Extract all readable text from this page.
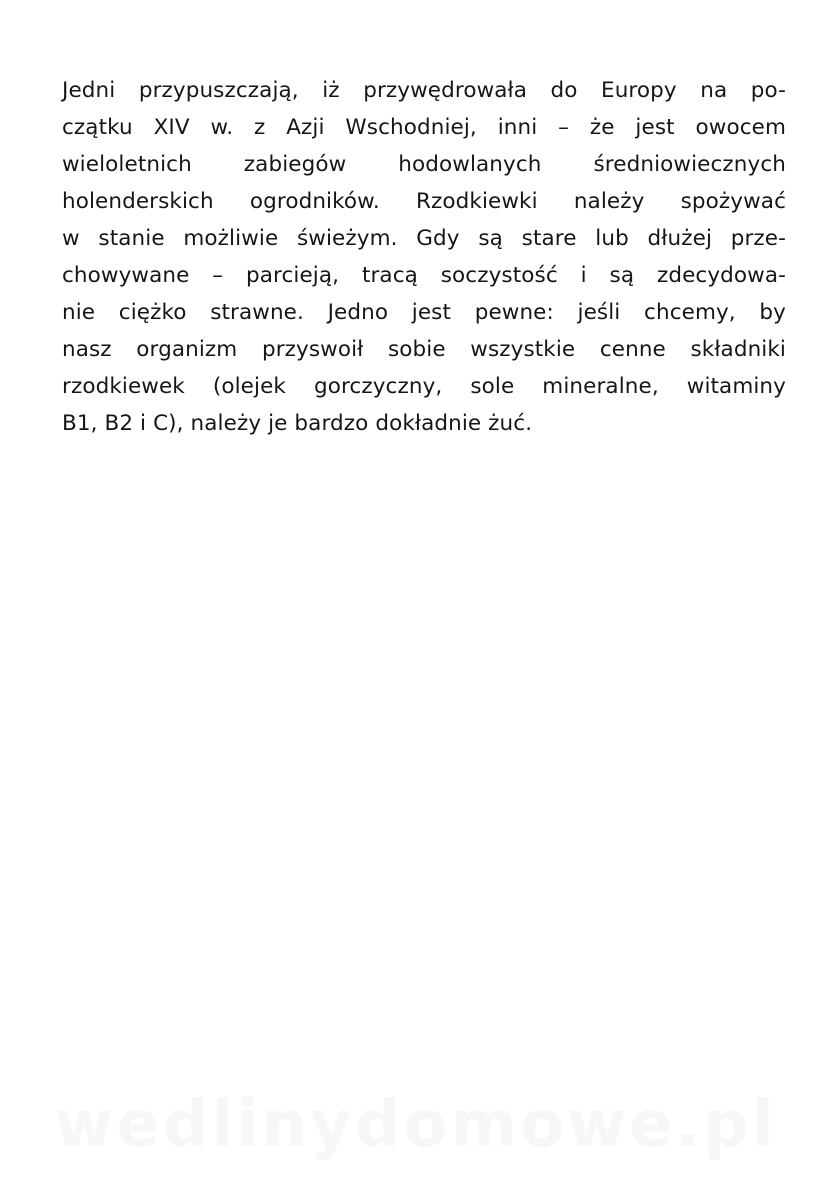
Jedni przypuszczają, iż przywędrowała do Europy na po-
czątku XIV w. z Azji Wschodniej, inni – że jest owocem
wieloletnich zabiegów hodowlanych średniowiecznych
holenderskich ogrodników. Rzodkiewki należy spożywać
w stanie możliwie świeżym. Gdy są stare lub dłużej prze-
chowywane – parcieją, tracą soczystość i są zdecydowa-
nie ciężko strawne. Jedno jest pewne: jeśli chcemy, by
nasz organizm przyswoił sobie wszystkie cenne składniki
rzodkiewek (olejek gorczyczny, sole mineralne, witaminy
B1, B2 i C), należy je bardzo dokładnie żuć.
wedlinydomowe.pl
